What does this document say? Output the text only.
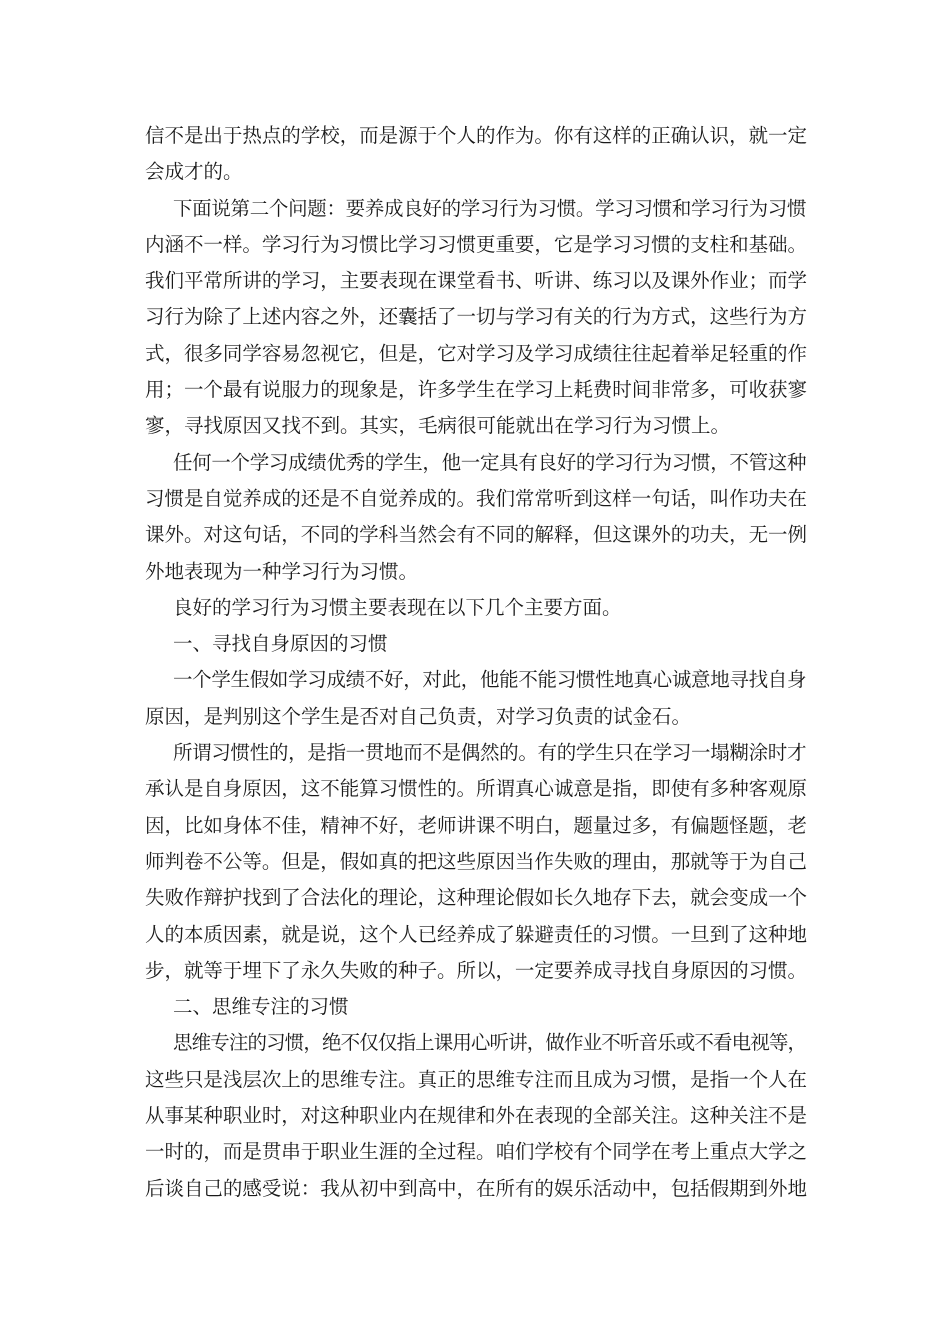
信不是出于热点的学校，而是源于个人的作为。你有这样的正确认识，就一定
会成才的。
下面说第二个问题：要养成良好的学习行为习惯。学习习惯和学习行为习惯
内涵不一样。学习行为习惯比学习习惯更重要，它是学习习惯的支柱和基础。
我们平常所讲的学习，主要表现在课堂看书、听讲、练习以及课外作业；而学
习行为除了上述内容之外，还囊括了一切与学习有关的行为方式，这些行为方
式，很多同学容易忽视它，但是，它对学习及学习成绩往往起着举足轻重的作
用；一个最有说服力的现象是，许多学生在学习上耗费时间非常多，可收获寥
寥，寻找原因又找不到。其实，毛病很可能就出在学习行为习惯上。
任何一个学习成绩优秀的学生，他一定具有良好的学习行为习惯，不管这种
习惯是自觉养成的还是不自觉养成的。我们常常听到这样一句话，叫作功夫在
课外。对这句话，不同的学科当然会有不同的解释，但这课外的功夫，无一例
外地表现为一种学习行为习惯。
良好的学习行为习惯主要表现在以下几个主要方面。
一、寻找自身原因的习惯
一个学生假如学习成绩不好，对此，他能不能习惯性地真心诚意地寻找自身
原因，是判别这个学生是否对自己负责，对学习负责的试金石。
所谓习惯性的，是指一贯地而不是偶然的。有的学生只在学习一塌糊涂时才
承认是自身原因，这不能算习惯性的。所谓真心诚意是指，即使有多种客观原
因，比如身体不佳，精神不好，老师讲课不明白，题量过多，有偏题怪题，老
师判卷不公等。但是，假如真的把这些原因当作失败的理由，那就等于为自己
失败作辩护找到了合法化的理论，这种理论假如长久地存下去，就会变成一个
人的本质因素，就是说，这个人已经养成了躲避责任的习惯。一旦到了这种地
步，就等于埋下了永久失败的种子。所以，一定要养成寻找自身原因的习惯。
二、思维专注的习惯
思维专注的习惯，绝不仅仅指上课用心听讲，做作业不听音乐或不看电视等，
这些只是浅层次上的思维专注。真正的思维专注而且成为习惯，是指一个人在
从事某种职业时，对这种职业内在规律和外在表现的全部关注。这种关注不是
一时的，而是贯串于职业生涯的全过程。咱们学校有个同学在考上重点大学之
后谈自己的感受说：我从初中到高中，在所有的娱乐活动中，包括假期到外地
